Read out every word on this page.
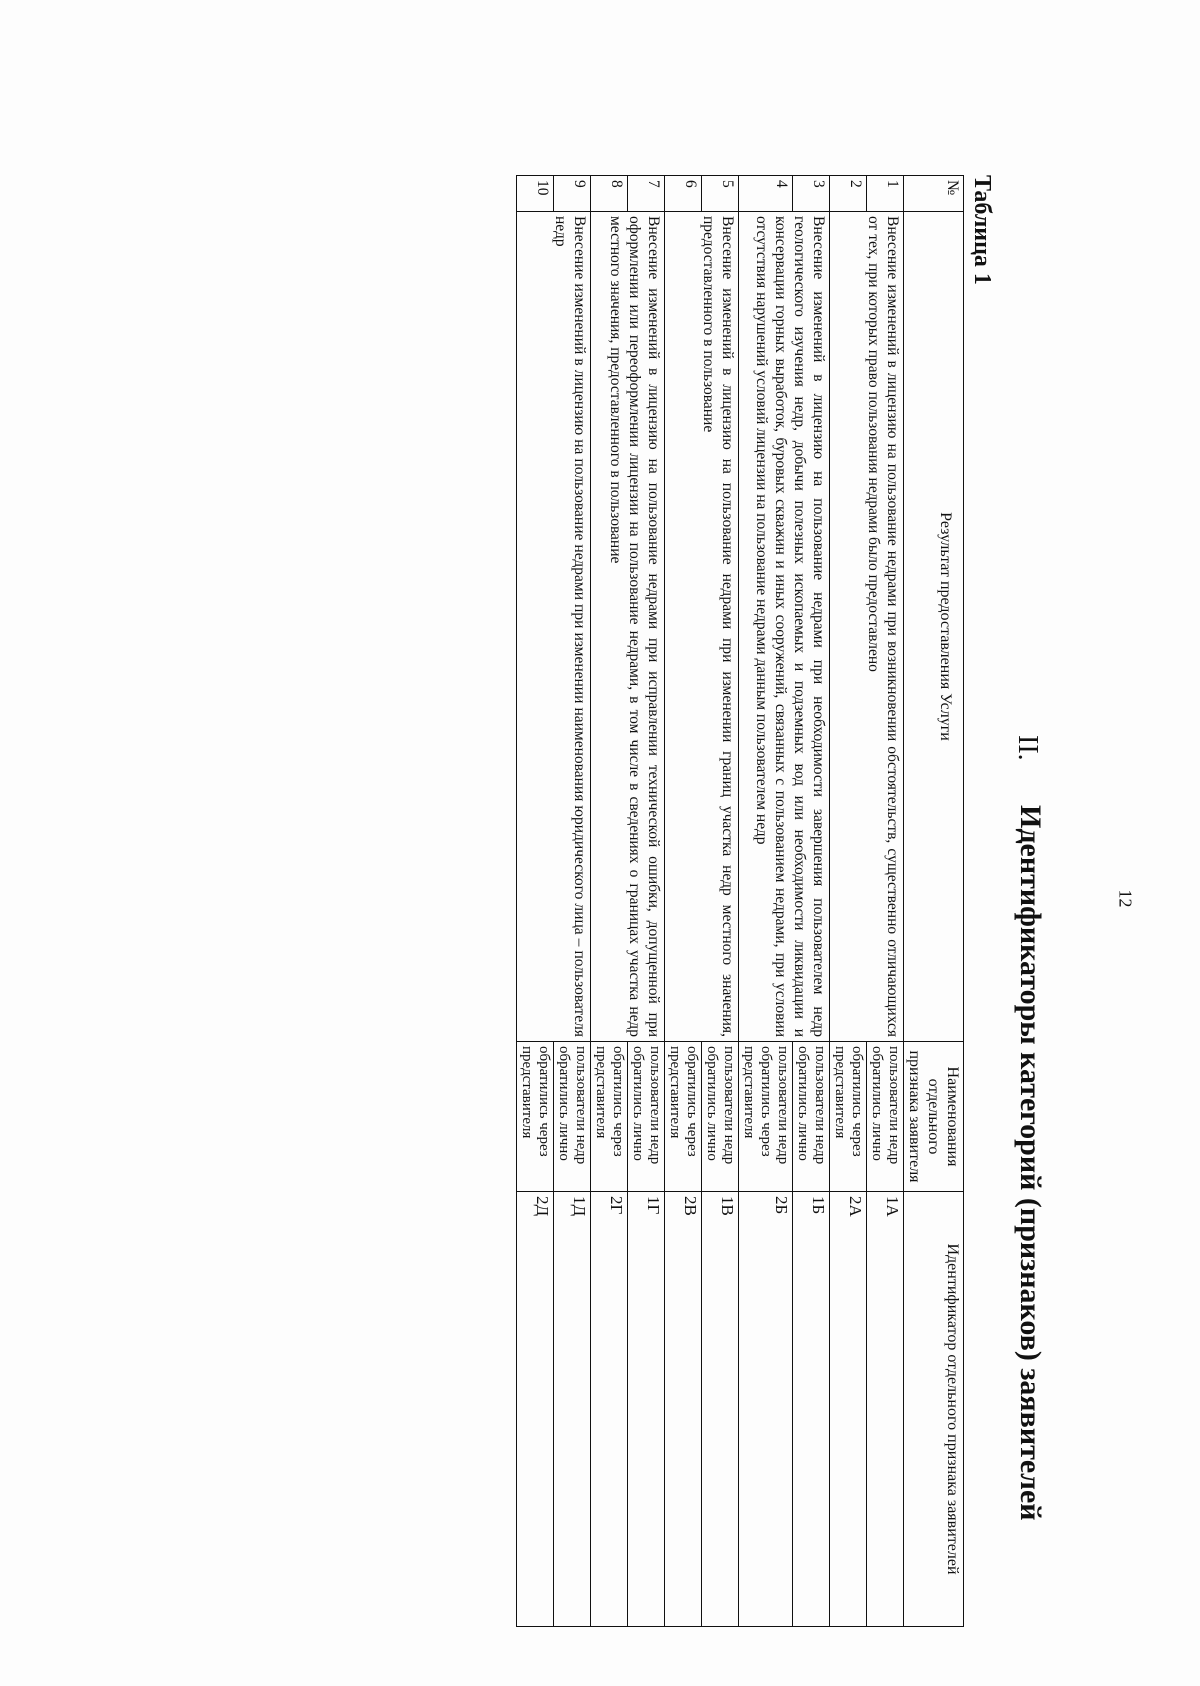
12
II.
Идентификаторы категорий (признаков) заявителей
Таблица 1
№	Результат предоставления Услуги	Наименования отдельного признака заявителя	Идентификатор отдельного признака заявителей
1	Внесение изменений в лицензию на пользование недрами при возникновении обстоятельств, существенно отличающихся от тех, при которых право пользования недрами было предоставлено	пользователи недр обратились лично	1А
2		обратились через представителя	2А
3	Внесение изменений в лицензию на пользование недрами при необходимости завершения пользователем недр геологического изучения недр, добычи полезных ископаемых и подземных вод или необходимости ликвидации и консервации горных выработок, буровых скважин и иных сооружений, связанных с пользованием недрами, при условии отсутствия нарушений условий лицензии на пользование недрами данным пользователем недр	пользователи недр обратились лично	1Б
4		пользователи недр обратились через представителя	2Б
5	Внесение изменений в лицензию на пользование недрами при изменении границ участка недр местного значения, предоставленного в пользование	пользователи недр обратились лично	1В
6		обратились через представителя	2В
7	Внесение изменений в лицензию на пользование недрами при исправлении технической ошибки, допущенной при оформлении или переоформлении лицензии на пользование недрами, в том числе в сведениях о границах участка недр местного значения, предоставленного в пользование	пользователи недр обратились лично	1Г
8		обратились через представителя	2Г
9	Внесение изменений в лицензию на пользование недрами при изменении наименования юридического лица – пользователя недр	пользователи недр обратились лично	1Д
10		обратились через представителя	2Д
